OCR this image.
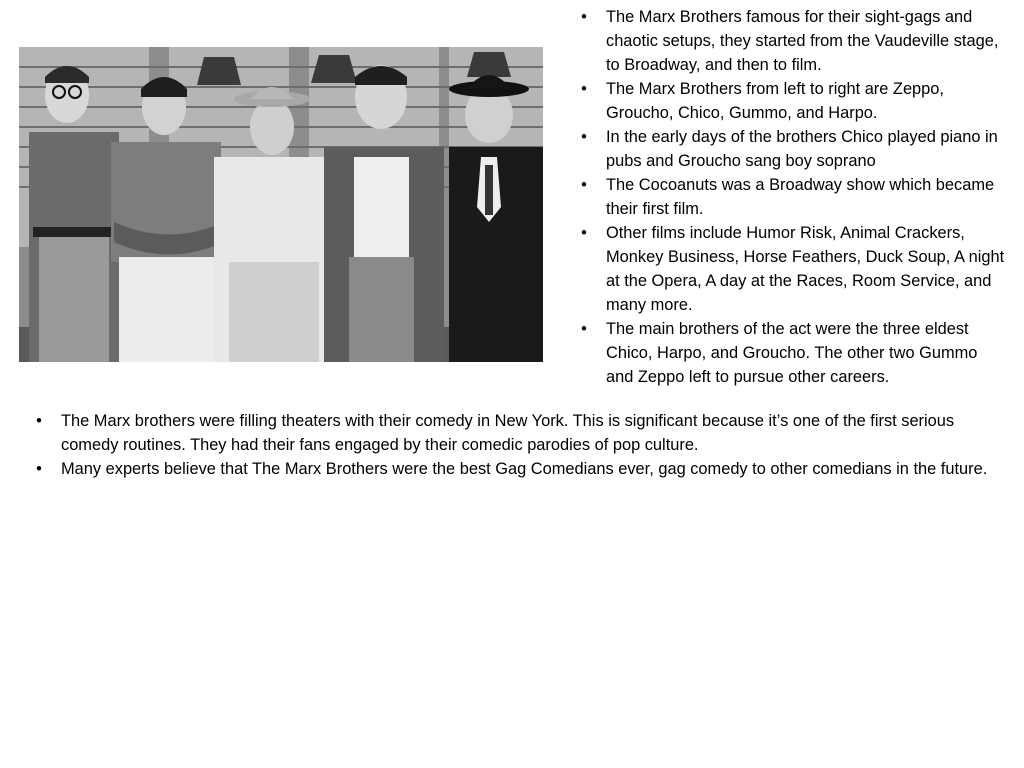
•	The Marx Brothers famous for their sight-gags and chaotic setups, they started from the Vaudeville stage, to Broadway, and then to film.
•	The Marx Brothers from left to right are Zeppo, Groucho, Chico, Gummo, and Harpo.
•	In the early days of the brothers Chico played piano in pubs and Groucho sang boy soprano
•	The Cocoanuts was a Broadway show which became their first film.
•	Other films include Humor Risk, Animal Crackers, Monkey Business, Horse Feathers, Duck Soup, A night at the Opera, A day at the Races, Room Service, and many more.
•	The main brothers of the act were the three eldest Chico, Harpo, and Groucho. The other two Gummo and Zeppo left to pursue other careers.
•	The Marx brothers were filling theaters with their comedy in New York. This is significant because it’s one of the first serious comedy routines. They had their fans engaged by their comedic parodies of pop culture.
•	Many experts believe that The Marx Brothers were the best Gag Comedians ever, gag comedy to other comedians in the future.
